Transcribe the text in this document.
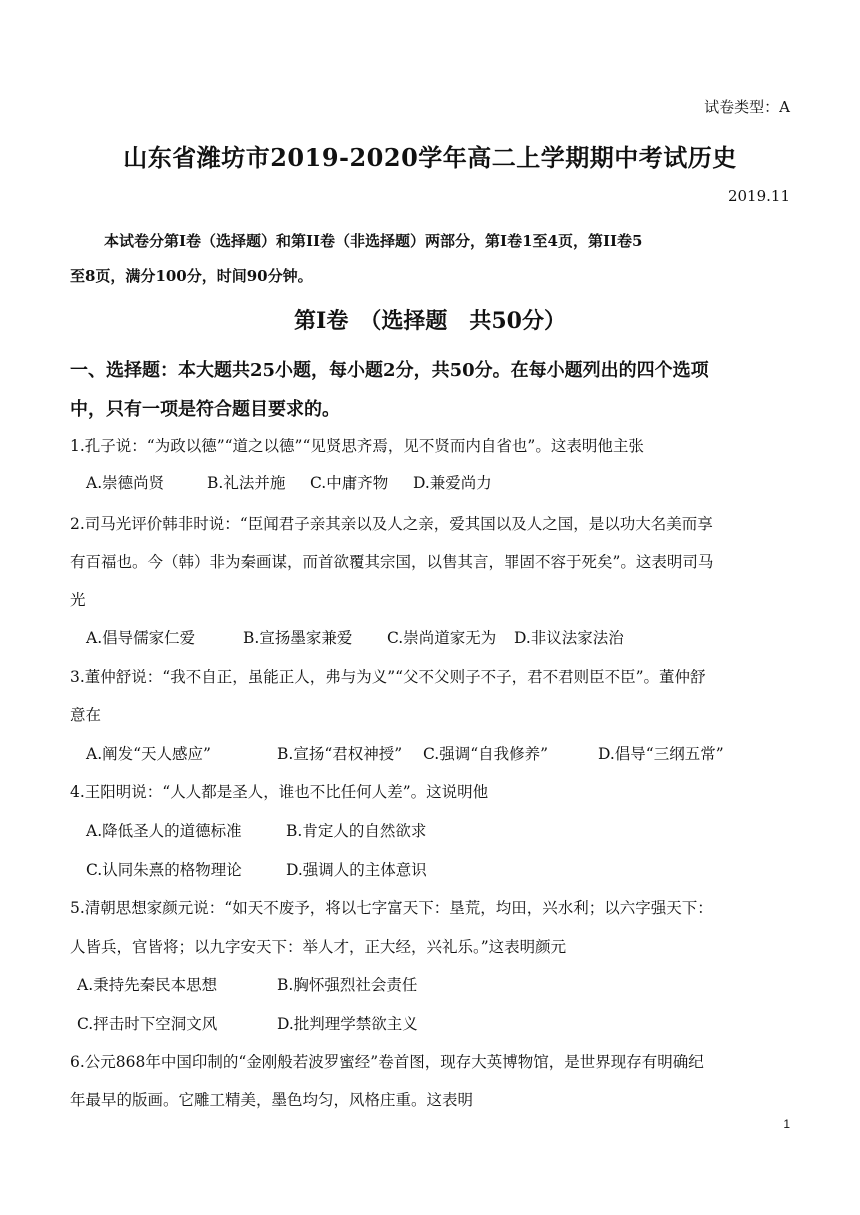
试卷类型：A
山东省潍坊市2019-2020学年高二上学期期中考试历史
2019.11
本试卷分第Ⅰ卷（选择题）和第II卷（非选择题）两部分，第Ⅰ卷1至4页，第II卷5
至8页，满分100分，时间90分钟。
第Ⅰ卷　（选择题　共50分）
一、选择题：本大题共25小题，每小题2分，共50分。在每小题列出的四个选项
中，只有一项是符合题目要求的。
1.孔子说：“为政以德”“道之以德”“见贤思齐焉，见不贤而内自省也”。这表明他主张
A.崇德尚贤	B.礼法并施 C.中庸齐物 D.兼爱尚力
2.司马光评价韩非时说：“臣闻君子亲其亲以及人之亲，爱其国以及人之国，是以功大名美而享
有百福也。今（韩）非为秦画谋，而首欲覆其宗国，以售其言，罪固不容于死矣”。这表明司马
光
A.倡导儒家仁爱	B.宣扬墨家兼爱 C.崇尚道家无为 D.非议法家法治
3.董仲舒说：“我不自正，虽能正人，弗与为义”“父不父则子不子，君不君则臣不臣”。董仲舒
意在
A.阐发“天人感应”	B.宣扬“君权神授” C.强调“自我修养”	D.倡导“三纲五常”
4.王阳明说：“人人都是圣人，谁也不比任何人差”。这说明他
A.降低圣人的道德标准	B.肯定人的自然欲求
C.认同朱熹的格物理论	D.强调人的主体意识
5.清朝思想家颜元说：“如天不废予，将以七字富天下：垦荒，均田，兴水利；以六字强天下：
人皆兵，官皆将；以九字安天下：举人才，正大经，兴礼乐。”这表明颜元
A.秉持先秦民本思想	B.胸怀强烈社会责任
C.抨击时下空洞文风	D.批判理学禁欲主义
6.公元868年中国印制的“金刚般若波罗蜜经”卷首图，现存大英博物馆，是世界现存有明确纪
年最早的版画。它雕工精美，墨色均匀，风格庄重。这表明
1
